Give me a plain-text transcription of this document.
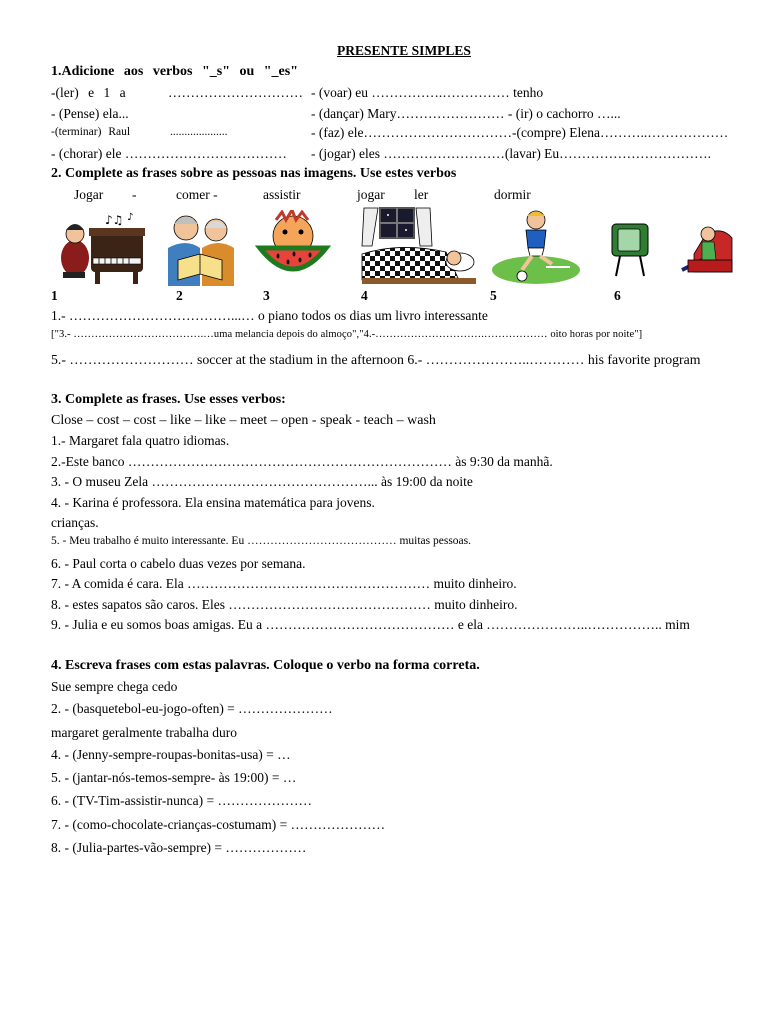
PRESENTE SIMPLES
1.Adicione aos verbos "_s" ou "_es"
-(ler) e 1 a	………………………… - (voar) eu …………….…………… tenho
- (Pense) ela...	- (dançar) Mary…………………… - (ir) o cachorro …...
-(terminar) Raul	....................	- (faz) ele……………………………-(compre) Elena………..………………
- (chorar) ele ……………………………… - (jogar) eles ………………………(lavar) Eu…………………………….
2. Complete as frases sobre as pessoas nas imagens. Use estes verbos
Jogar -	comer -	assistir	jogar ler	dormir
♪♫ ♪
1	2	3	4	5	6
1.- ………………………………...… o piano todos os dias um livro interessante
["3.- ……………………………….…uma melancia depois do almoço","4.-………………………….……………… oito horas por noite"]
5.- ……………………… soccer at the stadium in the afternoon 6.- …………………..………… his favorite program
3. Complete as frases. Use esses verbos:
Close – cost – cost – like – like – meet – open - speak - teach – wash
1.- Margaret fala quatro idiomas.
2.-Este banco ……………………………………………………………… às 9:30 da manhã.
3. - O museu Zela …………………………………………... às 19:00 da noite
4. - Karina é professora. Ela ensina matemática para jovens.
crianças.
5. - Meu trabalho é muito interessante. Eu ………………………………… muitas pessoas.
6. - Paul corta o cabelo duas vezes por semana.
7. - A comida é cara. Ela ……………………………………………… muito dinheiro.
8. - estes sapatos são caros. Eles ……………………………………… muito dinheiro.
9. - Julia e eu somos boas amigas. Eu a …………………………………… e ela …………………..…………….. mim
4. Escreva frases com estas palavras. Coloque o verbo na forma correta.
Sue sempre chega cedo
2. - (basquetebol-eu-jogo-often) = …………………
margaret geralmente trabalha duro
4. - (Jenny-sempre-roupas-bonitas-usa) = …
5. - (jantar-nós-temos-sempre- às 19:00) = …
6. - (TV-Tim-assistir-nunca) = …………………
7. - (como-chocolate-crianças-costumam) = …………………
8. - (Julia-partes-vão-sempre) = ………………
